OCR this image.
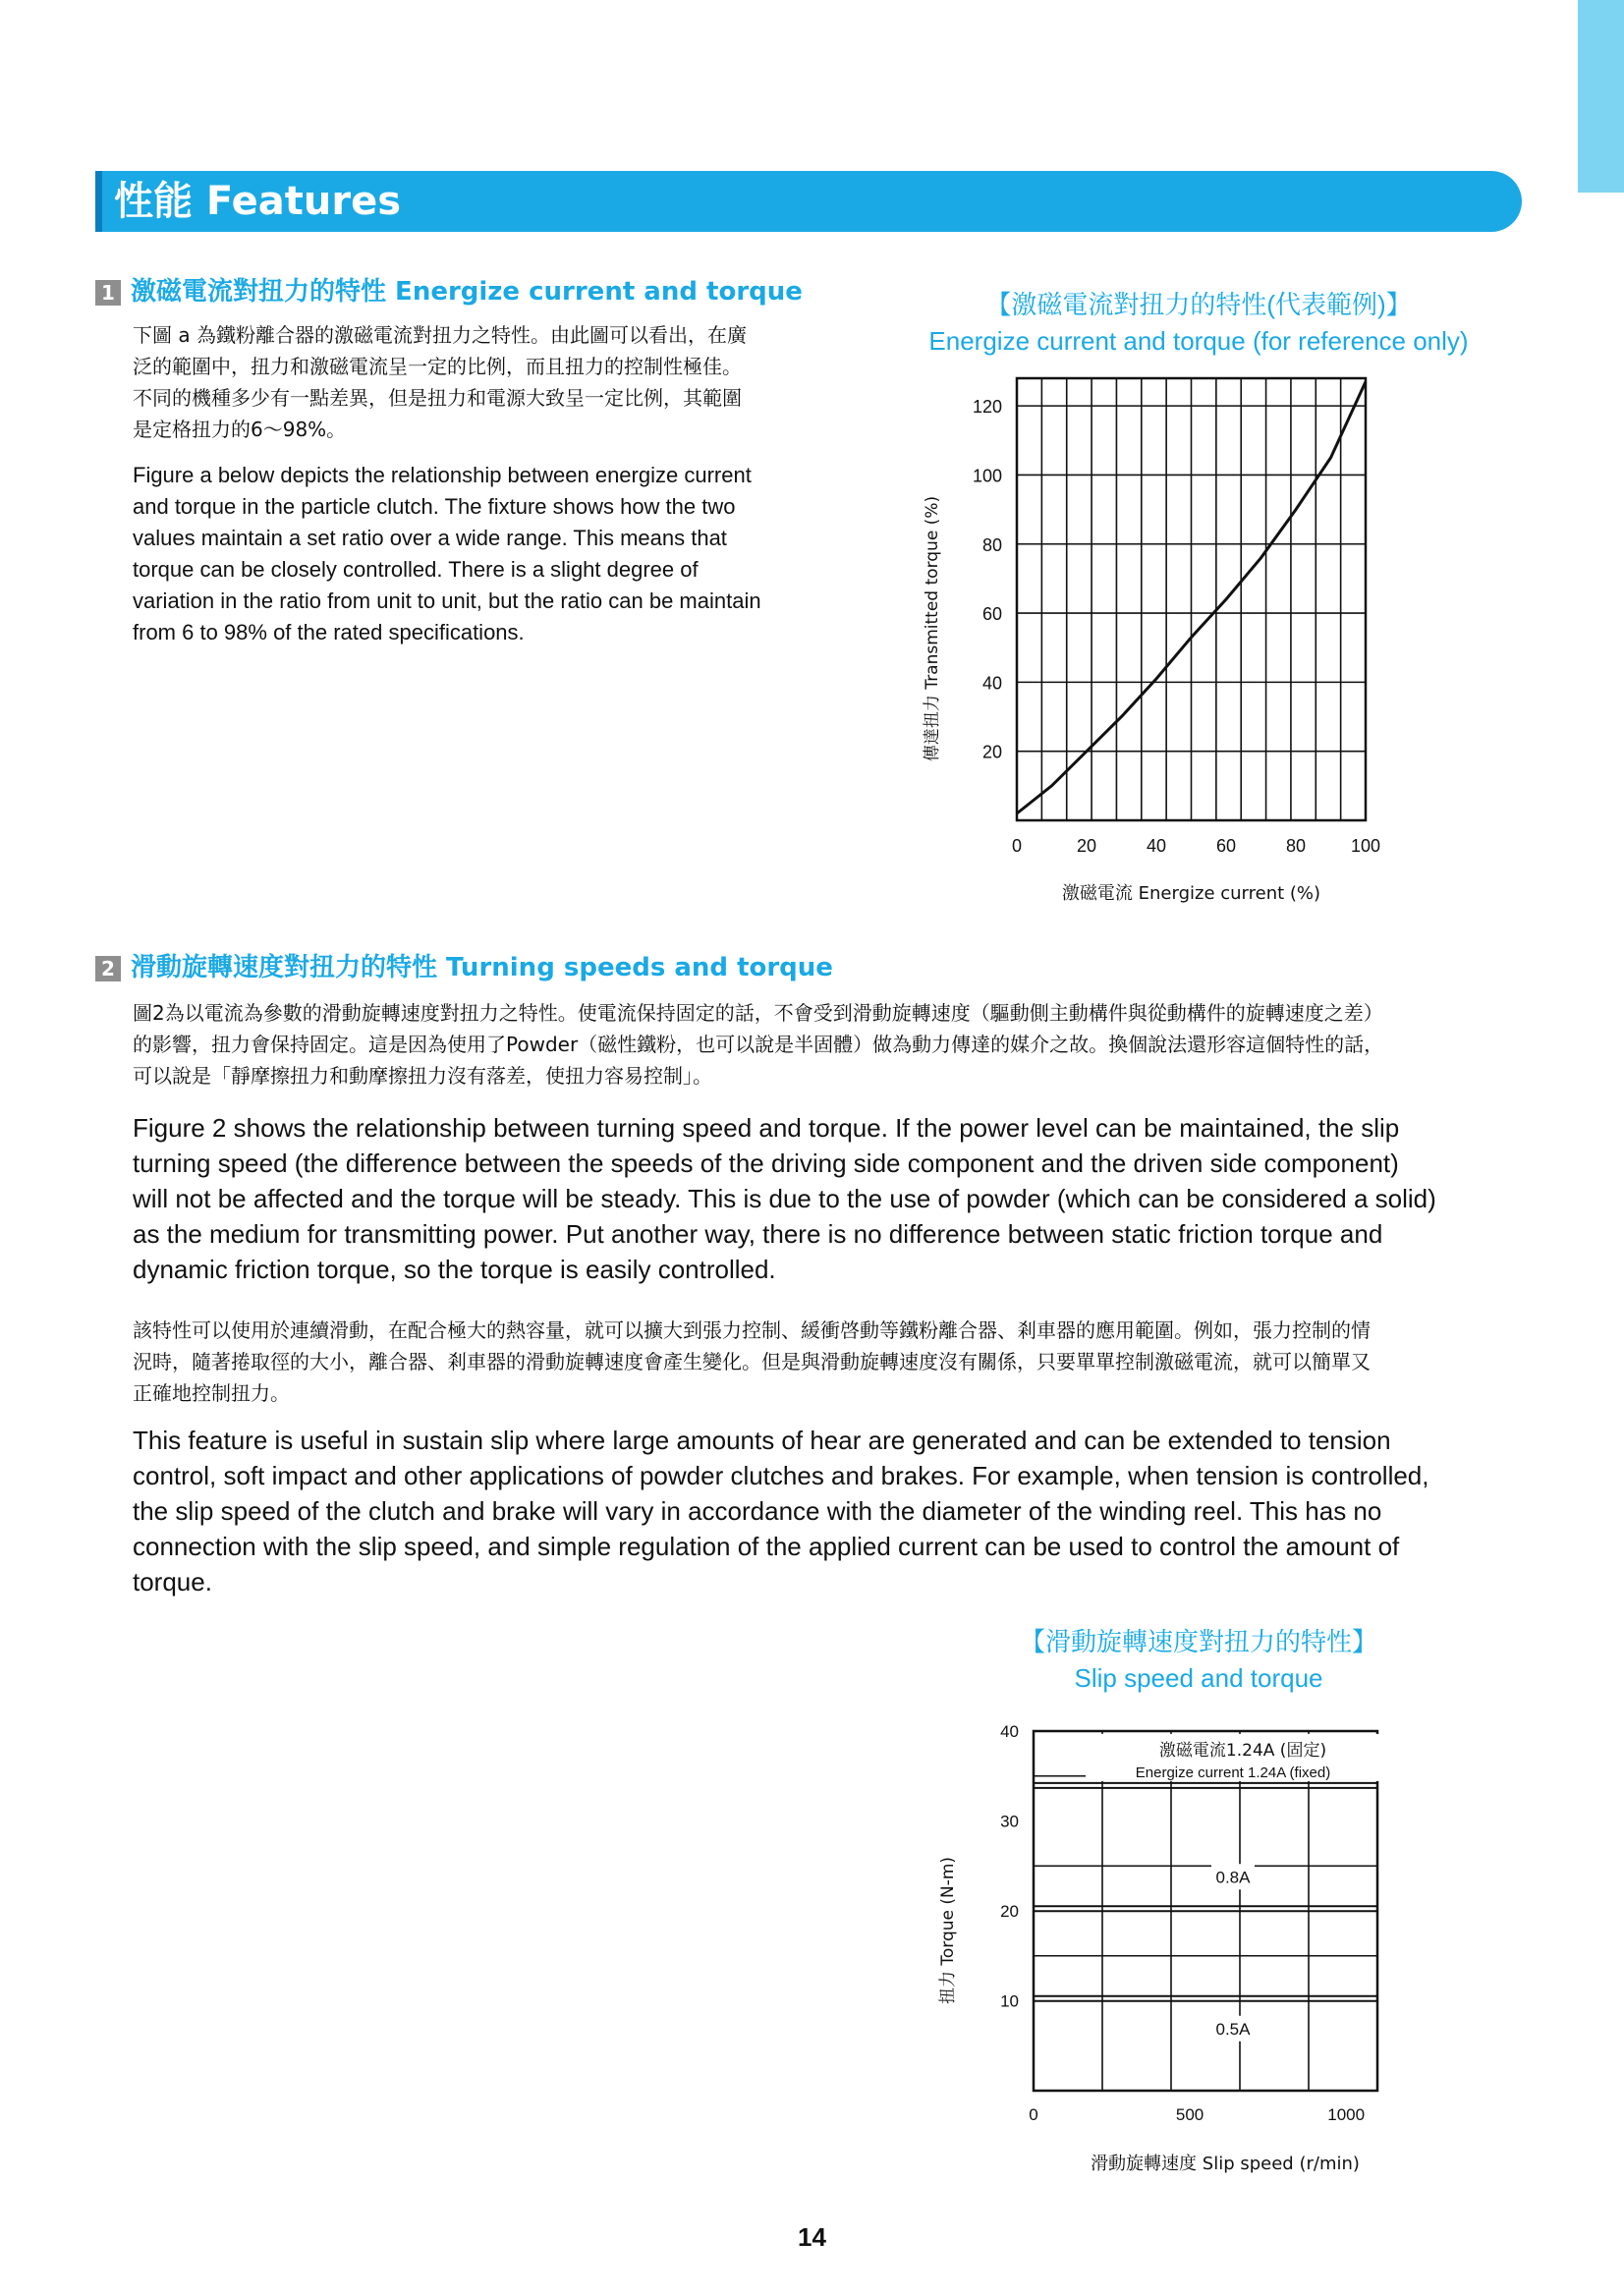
性能 Features
1 激磁電流對扭力的特性 Energize current and torque
下圖 a 為鐵粉離合器的激磁電流對扭力之特性。由此圖可以看出，在廣
泛的範圍中，扭力和激磁電流呈一定的比例，而且扭力的控制性極佳。
不同的機種多少有一點差異，但是扭力和電源大致呈一定比例，其範圍
是定格扭力的6～98%。
Figure a below depicts the relationship between energize current
and torque in the particle clutch. The fixture shows how the two
values maintain a set ratio over a wide range. This means that
torque can be closely controlled. There is a slight degree of
variation in the ratio from unit to unit, but the ratio can be maintain
from 6 to 98% of the rated specifications.
【激磁電流對扭力的特性(代表範例)】
Energize current and torque (for reference only)
20
40
60
80
100
120
0	20	40	60	80	100
激磁電流 Energize current (%)
傳達扭力 Transmitted torque (%)
2 滑動旋轉速度對扭力的特性 Turning speeds and torque
圖2為以電流為參數的滑動旋轉速度對扭力之特性。使電流保持固定的話，不會受到滑動旋轉速度（驅動側主動構件與從動構件的旋轉速度之差）
的影響，扭力會保持固定。這是因為使用了Powder（磁性鐵粉，也可以說是半固體）做為動力傳達的媒介之故。換個說法還形容這個特性的話，
可以說是「靜摩擦扭力和動摩擦扭力沒有落差，使扭力容易控制」。
Figure 2 shows the relationship between turning speed and torque. If the power level can be maintained, the slip
turning speed (the difference between the speeds of the driving side component and the driven side component)
will not be affected and the torque will be steady. This is due to the use of powder (which can be considered a solid)
as the medium for transmitting power. Put another way, there is no difference between static friction torque and
dynamic friction torque, so the torque is easily controlled.
該特性可以使用於連續滑動，在配合極大的熱容量，就可以擴大到張力控制、緩衝啓動等鐵粉離合器、剎車器的應用範圍。例如，張力控制的情
況時，隨著捲取徑的大小，離合器、剎車器的滑動旋轉速度會產生變化。但是與滑動旋轉速度沒有關係，只要單單控制激磁電流，就可以簡單又
正確地控制扭力。
This feature is useful in sustain slip where large amounts of hear are generated and can be extended to tension
control, soft impact and other applications of powder clutches and brakes. For example, when tension is controlled,
the slip speed of the clutch and brake will vary in accordance with the diameter of the winding reel. This has no
connection with the slip speed, and simple regulation of the applied current can be used to control the amount of
torque.
【滑動旋轉速度對扭力的特性】
Slip speed and torque
10
20
30
40
0	500	1000
激磁電流1.24A (固定)
Energize current 1.24A (fixed)
0.8A
0.5A
滑動旋轉速度 Slip speed (r/min)
扭力 Torque (N-m)
14
